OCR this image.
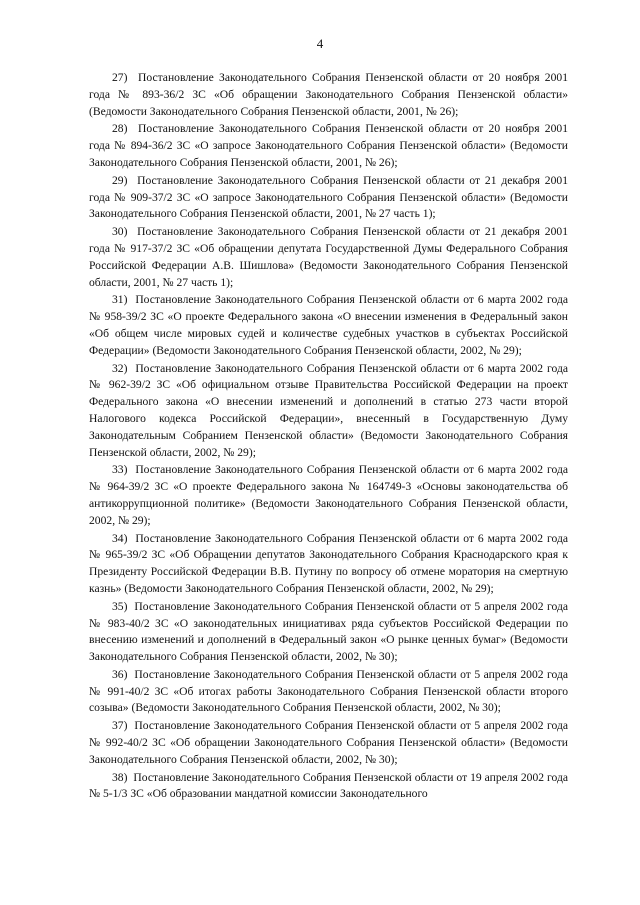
4

27)  Постановление Законодательного Собрания Пензенской области от 20 ноября 2001 года № 893-36/2 ЗС «Об обращении Законодательного Собрания Пензенской области» (Ведомости Законодательного Собрания Пензенской области, 2001, № 26);

28)  Постановление Законодательного Собрания Пензенской области от 20 ноября 2001 года № 894-36/2 ЗС «О запросе Законодательного Собрания Пензенской области» (Ведомости Законодательного Собрания Пензенской области, 2001, № 26);

29)  Постановление Законодательного Собрания Пензенской области от 21 декабря 2001 года № 909-37/2 ЗС «О запросе Законодательного Собрания Пензенской области» (Ведомости Законодательного Собрания Пензенской области, 2001, № 27 часть 1);

30)  Постановление Законодательного Собрания Пензенской области от 21 декабря 2001 года № 917-37/2 ЗС «Об обращении депутата Государственной Думы Федерального Собрания Российской Федерации А.В. Шишлова» (Ведомости Законодательного Собрания Пензенской области, 2001, № 27 часть 1);

31)  Постановление Законодательного Собрания Пензенской области от 6 марта 2002 года № 958-39/2 ЗС «О проекте Федерального закона «О внесении изменения в Федеральный закон «Об общем числе мировых судей и количестве судебных участков в субъектах Российской Федерации» (Ведомости Законодательного Собрания Пензенской области, 2002, № 29);

32)  Постановление Законодательного Собрания Пензенской области от 6 марта 2002 года № 962-39/2 ЗС «Об официальном отзыве Правительства Российской Федерации на проект Федерального закона «О внесении изменений и дополнений в статью 273 части второй Налогового кодекса Российской Федерации», внесенный в Государственную Думу Законодательным Собранием Пензенской области» (Ведомости Законодательного Собрания Пензенской области, 2002, № 29);

33)  Постановление Законодательного Собрания Пензенской области от 6 марта 2002 года № 964-39/2 ЗС «О проекте Федерального закона № 164749-3 «Основы законодательства об антикоррупционной политике» (Ведомости Законодательного Собрания Пензенской области, 2002, № 29);

34)  Постановление Законодательного Собрания Пензенской области от 6 марта 2002 года № 965-39/2 ЗС «Об Обращении депутатов Законодательного Собрания Краснодарского края к Президенту Российской Федерации В.В. Путину по вопросу об отмене моратория на смертную казнь» (Ведомости Законодательного Собрания Пензенской области, 2002, № 29);

35)  Постановление Законодательного Собрания Пензенской области от 5 апреля 2002 года № 983-40/2 ЗС «О законодательных инициативах ряда субъектов Российской Федерации по внесению изменений и дополнений в Федеральный закон «О рынке ценных бумаг» (Ведомости Законодательного Собрания Пензенской области, 2002, № 30);

36)  Постановление Законодательного Собрания Пензенской области от 5 апреля 2002 года № 991-40/2 ЗС «Об итогах работы Законодательного Собрания Пензенской области второго созыва» (Ведомости Законодательного Собрания Пензенской области, 2002, № 30);

37)  Постановление Законодательного Собрания Пензенской области от 5 апреля 2002 года № 992-40/2 ЗС «Об обращении Законодательного Собрания Пензенской области» (Ведомости Законодательного Собрания Пензенской области, 2002, № 30);

38)  Постановление Законодательного Собрания Пензенской области от 19 апреля 2002 года № 5-1/3 ЗС «Об образовании мандатной комиссии Законодательного
